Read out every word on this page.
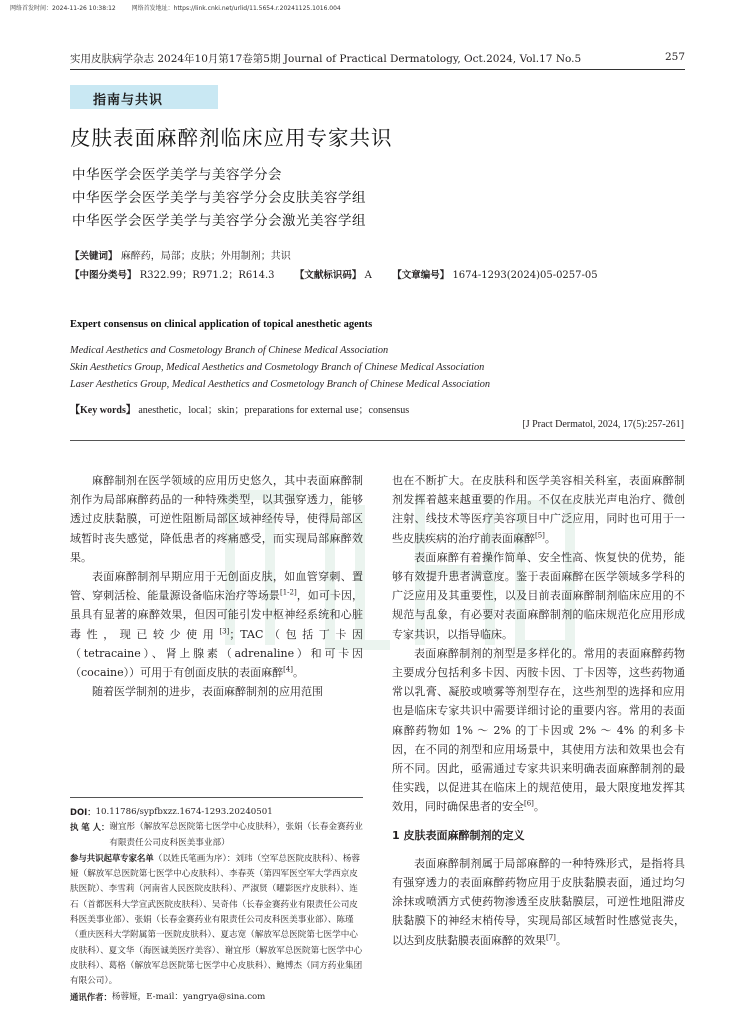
网络首发时间：2024-11-26 10:38:12	网络首发地址：https://link.cnki.net/urlid/11.5654.r.20241125.1016.004
实用皮肤病学杂志 2024年10月第17卷第5期 Journal of Practical Dermatology, Oct.2024, Vol.17 No.5	257
指南与共识
皮肤表面麻醉剂临床应用专家共识
中华医学会医学美学与美容学分会
中华医学会医学美学与美容学分会皮肤美容学组
中华医学会医学美学与美容学分会激光美容学组
【关键词】 麻醉药，局部；皮肤；外用制剂；共识
【中图分类号】 R322.99；R971.2；R614.3 【文献标识码】 A 【文章编号】 1674-1293(2024)05-0257-05
Expert consensus on clinical application of topical anesthetic agents
Medical Aesthetics and Cosmetology Branch of Chinese Medical Association
Skin Aesthetics Group, Medical Aesthetics and Cosmetology Branch of Chinese Medical Association
Laser Aesthetics Group, Medical Aesthetics and Cosmetology Branch of Chinese Medical Association
【Key words】 anesthetic，local；skin；preparations for external use；consensus
[J Pract Dermatol, 2024, 17(5):257-261]

麻醉制剂在医学领域的应用历史悠久，其中表面麻醉制剂作为局部麻醉药品的一种特殊类型，以其强穿透力，能够透过皮肤黏膜，可逆性阻断局部区域神经传导，使得局部区域暂时丧失感觉，降低患者的疼痛感受，而实现局部麻醉效果。

表面麻醉制剂早期应用于无创面皮肤，如血管穿刺、置管、穿刺活检、能量源设备临床治疗等场景[1-2]，如可卡因，虽具有显著的麻醉效果，但因可能引发中枢神经系统和心脏毒性，现已较少使用[3]；TAC（包括丁卡因（tetracaine）、肾上腺素（adrenaline）和可卡因（cocaine））可用于有创面皮肤的表面麻醉[4]。

随着医学制剂的进步，表面麻醉制剂的应用范围

DOI： 10.11786/sypfbxzz.1674-1293.20240501
执 笔 人： 谢宜彤（解放军总医院第七医学中心皮肤科），张娟（长春金赛药业有限责任公司皮科医美事业部）
参与共识起草专家名单（以姓氏笔画为序）：刘玮（空军总医院皮肤科）、杨蓉娅（解放军总医院第七医学中心皮肤科）、李春英（第四军医空军大学西京皮肤医院）、李雪莉（河南省人民医院皮肤科）、严淑贤（曜影医疗皮肤科）、连石（首都医科大学宣武医院皮肤科）、吴奇伟（长春金赛药业有限责任公司皮科医美事业部）、张娟（长春金赛药业有限责任公司皮科医美事业部）、陈瑾（重庆医科大学附属第一医院皮肤科）、夏志宽（解放军总医院第七医学中心皮肤科）、夏文华（海医诚美医疗美容）、谢宜彤（解放军总医院第七医学中心皮肤科）、葛格（解放军总医院第七医学中心皮肤科）、鲍博杰（同方药业集团有限公司）。
通讯作者： 杨蓉娅，E-mail：yangrya@sina.com

也在不断扩大。在皮肤科和医学美容相关科室，表面麻醉制剂发挥着越来越重要的作用。不仅在皮肤光声电治疗、微创注射、线技术等医疗美容项目中广泛应用，同时也可用于一些皮肤疾病的治疗前表面麻醉[5]。

表面麻醉有着操作简单、安全性高、恢复快的优势，能够有效提升患者满意度。鉴于表面麻醉在医学领域多学科的广泛应用及其重要性，以及目前表面麻醉制剂临床应用的不规范与乱象，有必要对表面麻醉制剂的临床规范化应用形成专家共识，以指导临床。

表面麻醉制剂的剂型是多样化的。常用的表面麻醉药物主要成分包括利多卡因、丙胺卡因、丁卡因等，这些药物通常以乳膏、凝胶或喷雾等剂型存在，这些剂型的选择和应用也是临床专家共识中需要详细讨论的重要内容。常用的表面麻醉药物如 1% ～ 2% 的丁卡因或 2% ～ 4% 的利多卡因，在不同的剂型和应用场景中，其使用方法和效果也会有所不同。因此，亟需通过专家共识来明确表面麻醉制剂的最佳实践，以促进其在临床上的规范使用，最大限度地发挥其效用，同时确保患者的安全[6]。

1 皮肤表面麻醉制剂的定义

表面麻醉制剂属于局部麻醉的一种特殊形式，是指将具有强穿透力的表面麻醉药物应用于皮肤黏膜表面，通过均匀涂抹或喷洒方式使药物渗透至皮肤黏膜层，可逆性地阻滞皮肤黏膜下的神经末梢传导，实现局部区域暂时性感觉丧失，以达到皮肤黏膜表面麻醉的效果[7]。
